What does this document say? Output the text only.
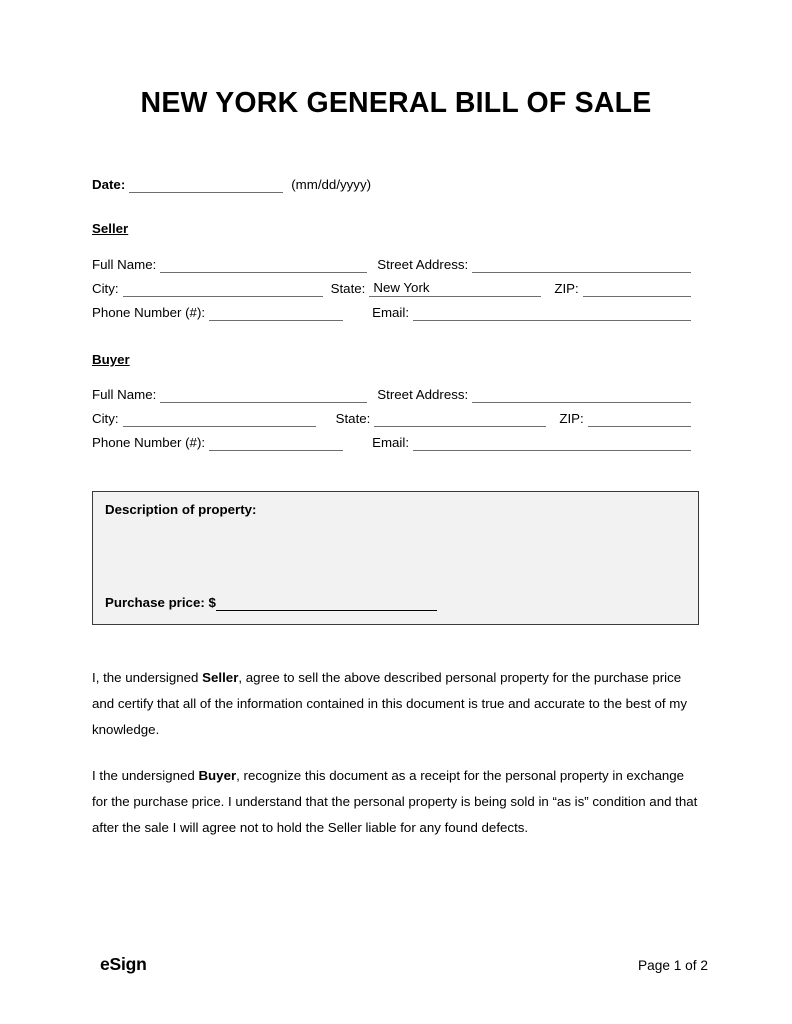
NEW YORK GENERAL BILL OF SALE
Date:	(mm/dd/yyyy)
Seller
Full Name:	Street Address:
City:	State: New York	ZIP:
Phone Number (#):	Email:
Buyer
Full Name:	Street Address:
City:	State:	ZIP:
Phone Number (#):	Email:
Description of property:
Purchase price: $

I, the undersigned Seller, agree to sell the above described personal property for the purchase price and certify that all of the information contained in this document is true and accurate to the best of my knowledge.

I the undersigned Buyer, recognize this document as a receipt for the personal property in exchange for the purchase price. I understand that the personal property is being sold in “as is” condition and that after the sale I will agree not to hold the Seller liable for any found defects.

eSign	Page 1 of 2
